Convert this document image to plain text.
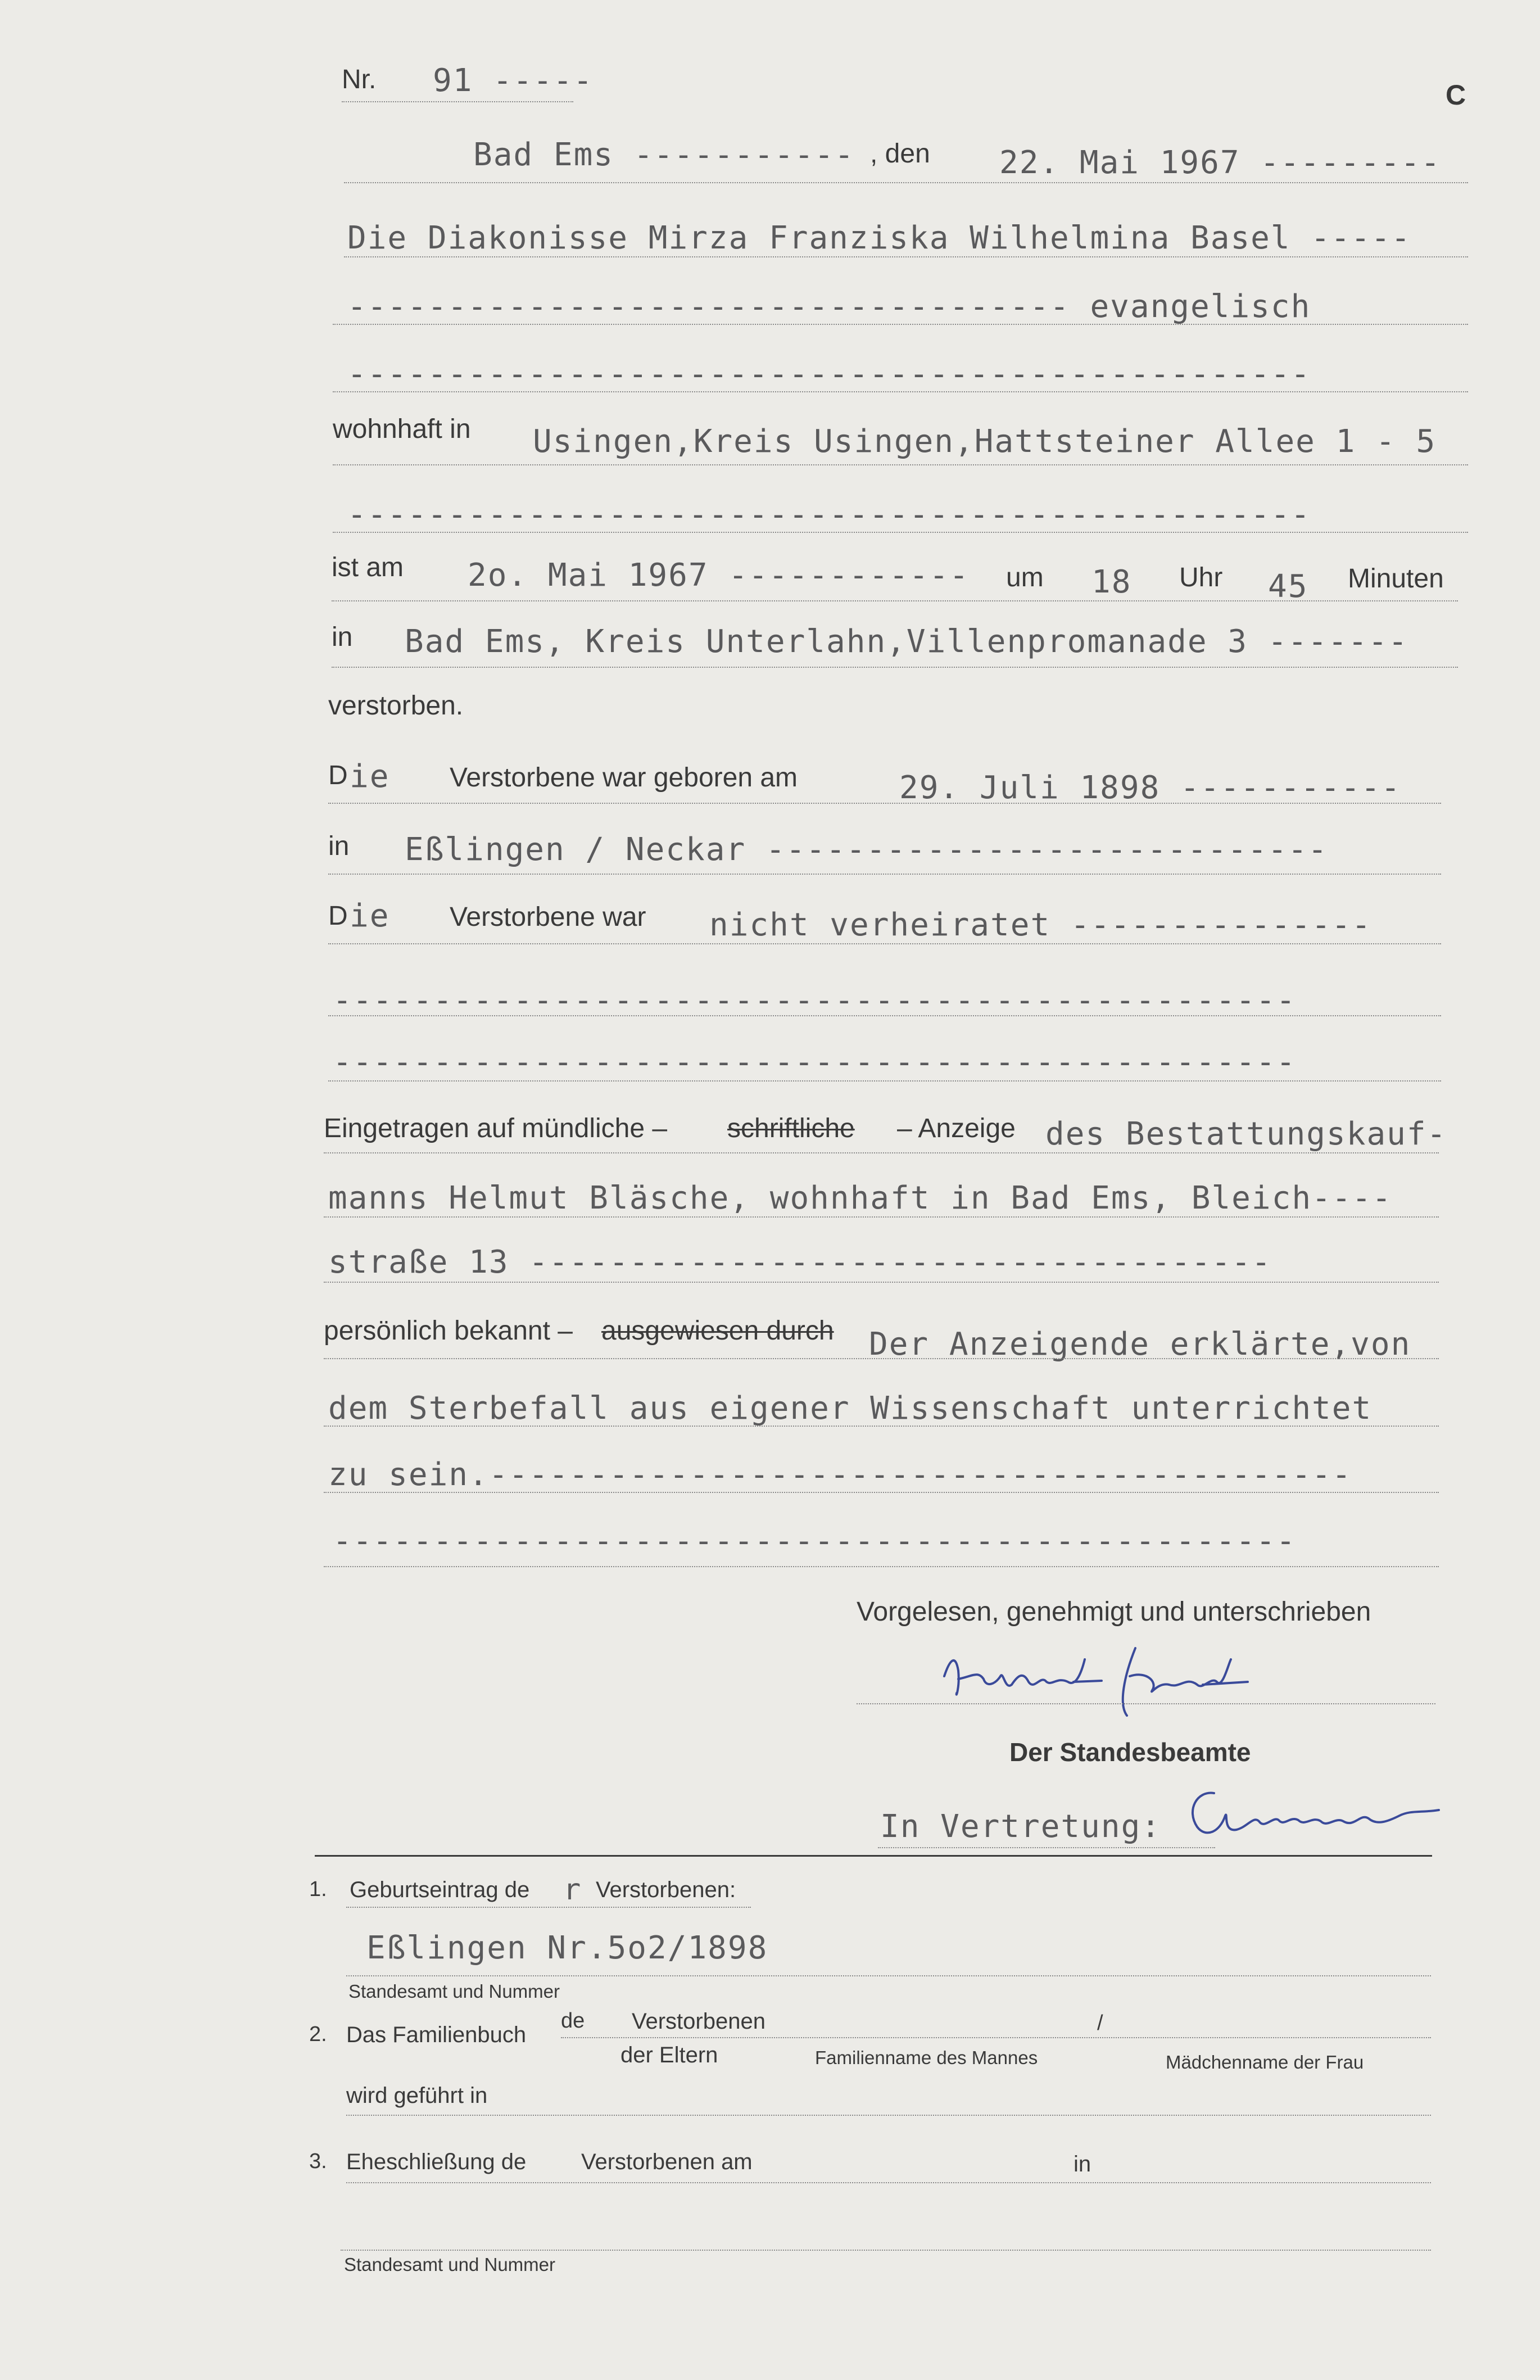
Nr. 91 -----	C
Bad Ems ----------- , den 22. Mai 1967 ---------
Die Diakonisse Mirza Franziska Wilhelmina Basel -----
------------------------------------ evangelisch
------------------------------------------------
wohnhaft in Usingen,Kreis Usingen,Hattsteiner Allee 1 - 5
------------------------------------------------
ist am 2o. Mai 1967 ------------ um 18 Uhr 45 Minuten
in Bad Ems, Kreis Unterlahn,Villenpromanade 3 -------
verstorben.
D ie Verstorbene war geboren am	29. Juli 1898 -----------
in Eßlingen / Neckar ----------------------------
D ie Verstorbene war nicht verheiratet ---------------
------------------------------------------------
------------------------------------------------
Eingetragen auf mündliche – schriftliche – Anzeige des Bestattungskauf-
manns Helmut Bläsche, wohnhaft in Bad Ems, Bleich----
straße 13 -------------------------------------
persönlich bekannt – ausgewiesen durch Der Anzeigende erklärte,von
dem Sterbefall aus eigener Wissenschaft unterrichtet
zu sein.-------------------------------------------
------------------------------------------------
Vorgelesen, genehmigt und unterschrieben
Der Standesbeamte
In Vertretung:
1. Geburtseintrag de r Verstorbenen:
Eßlingen Nr.5o2/1898
Standesamt und Nummer
2. Das Familienbuch
de Verstorbenen
der Eltern
/
Familienname des Mannes	Mädchenname der Frau
wird geführt in
3. Eheschließung de Verstorbenen am	in
Standesamt und Nummer
